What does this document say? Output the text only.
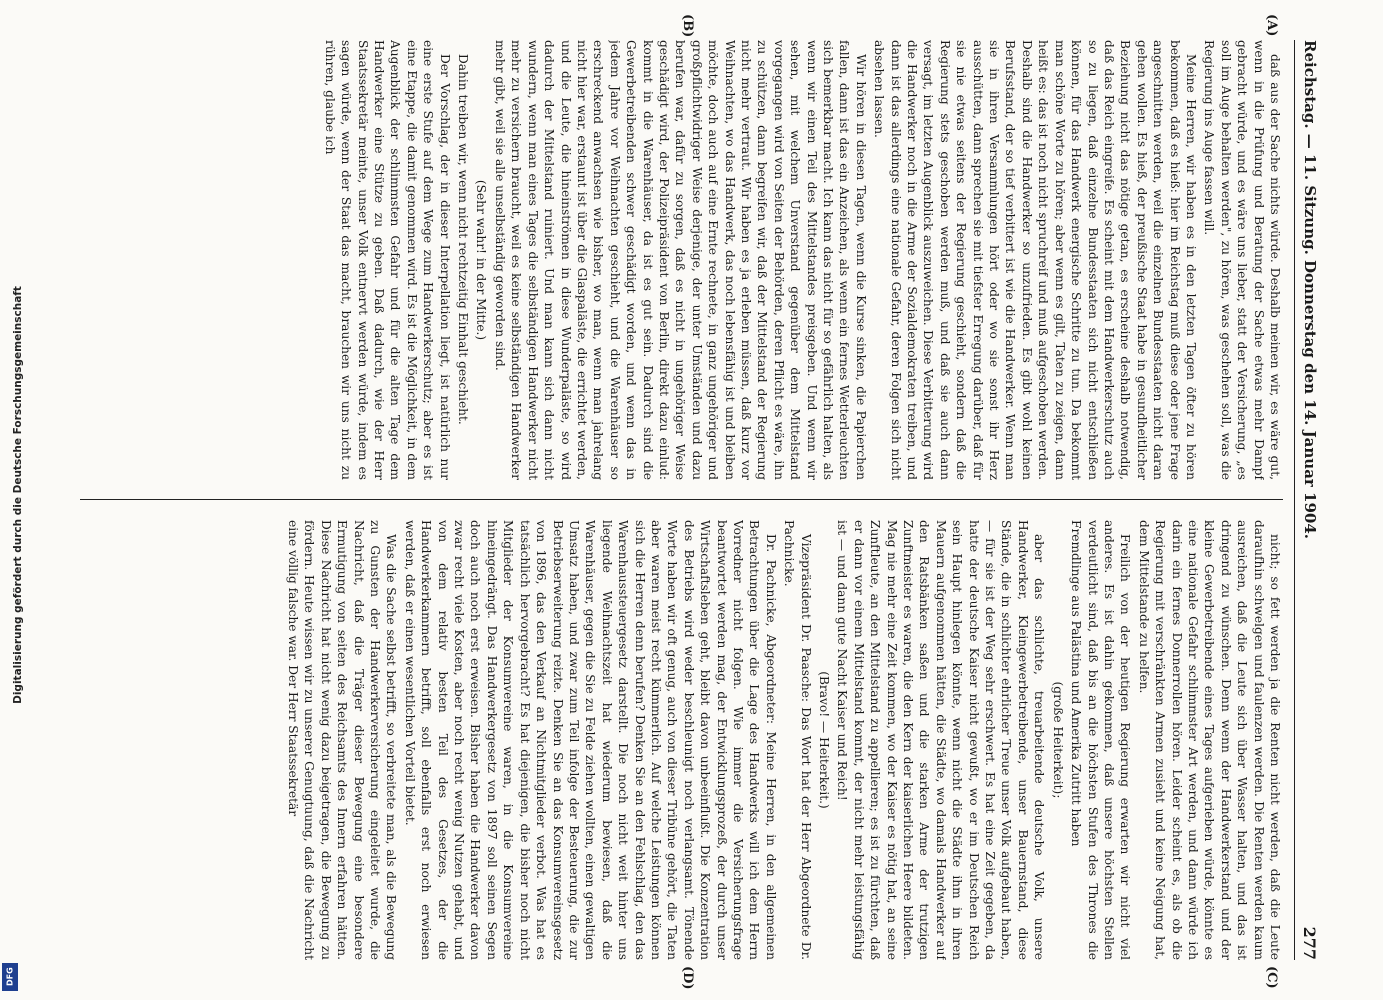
Digitalisierung gefördert durch die Deutsche Forschungsgemeinschaft
DFG
Reichstag. — 11. Sitzung. Donnerstag den 14. Januar 1904.
277
(A)
(B)
(C)
(D)

daß aus der Sache nichts würde. Deshalb meinen wir, es wäre gut, wenn in die Prüfung und Beratung der Sache etwas mehr Dampf gebracht würde, und es wäre uns lieber, statt der Versicherung, „es soll im Auge behalten werden", zu hören, was geschehen soll, was die Regierung ins Auge fassen will.

Meine Herren, wir haben es in den letzten Tagen öfter zu hören bekommen, daß es hieß: hier im Reichstag muß diese oder jene Frage angeschnitten werden, weil die einzelnen Bundesstaaten nicht daran gehen wollen. Es hieß, der preußische Staat habe in gesundheitlicher Beziehung nicht das nötige getan, es erscheine deshalb notwendig, daß das Reich eingreife. Es scheint mit dem Handwerkerschutz auch so zu liegen, daß einzelne Bundesstaaten sich nicht entschließen können, für das Handwerk energische Schritte zu tun. Da bekommt man schöne Worte zu hören; aber wenn es gilt, Taten zu zeigen, dann heißt es: das ist noch nicht spruchreif und muß aufgeschoben werden. Deshalb sind die Handwerker so unzufrieden. Es gibt wohl keinen Berufsstand, der so tief verbittert ist wie die Handwerker. Wenn man sie in ihren Versammlungen hört oder wo sie sonst ihr Herz ausschütten, dann sprechen sie mit tiefster Erregung darüber, daß für sie nie etwas seitens der Regierung geschieht, sondern daß die Regierung stets geschoben werden muß, und daß sie auch dann versagt, im letzten Augenblick auszuweichen. Diese Verbitterung wird die Handwerker noch in die Arme der Sozialdemokraten treiben, und dann ist das allerdings eine nationale Gefahr, deren Folgen sich nicht absehen lassen.

Wir hören in diesen Tagen, wenn die Kurse sinken, die Papierchen fallen, dann ist das ein Anzeichen, als wenn ein fernes Wetterleuchten sich bemerkbar macht. Ich kann das nicht für so gefährlich halten, als wenn wir einen Teil des Mittelstandes preisgeben. Und wenn wir sehen, mit welchem Unverstand gegenüber dem Mittelstand vorgegangen wird von Seiten der Behörden, deren Pflicht es wäre, ihn zu schützen, dann begreifen wir, daß der Mittelstand der Regierung nicht mehr vertraut. Wir haben es ja erleben müssen, daß kurz vor Weihnachten, wo das Handwerk, das noch lebensfähig ist und bleiben möchte, doch auch auf eine Ernte rechnete, in ganz ungehöriger und großpflichtwidriger Weise derjenige, der unter Umständen und dazu berufen war, dafür zu sorgen, daß es nicht in ungehöriger Weise geschädigt wird, der Polizeipräsident von Berlin, direkt dazu einlud: kommt in die Warenhäuser, da ist es gut sein. Dadurch sind die Gewerbetreibenden schwer geschädigt worden, und wenn das in jedem Jahre vor Weihnachten geschieht, und die Warenhäuser so erschreckend anwachsen wie bisher, wo man, wenn man jahrelang nicht hier war, erstaunt ist über die Glaspaläste, die errichtet werden, und die Leute, die hineinströmen in diese Wunderpaläste, so wird dadurch der Mittelstand ruiniert. Und man kann sich dann nicht wundern, wenn man eines Tages die selbständigen Handwerker nicht mehr zu versichern braucht, weil es keine selbständigen Handwerker mehr gibt, weil sie alle unselbständig geworden sind.

(Sehr wahr! in der Mitte.)

Dahin treiben wir, wenn nicht rechtzeitig Einhalt geschieht.

Der Vorschlag, der in dieser Interpellation liegt, ist natürlich nur eine erste Stufe auf dem Wege zum Handwerkerschutz; aber es ist eine Etappe, die damit genommen wird. Es ist die Möglichkeit, in dem Augenblick der schlimmsten Gefahr und für die alten Tage dem Handwerker eine Stütze zu geben. Daß dadurch, wie der Herr Staatssekretär meinte, unser Volk entnervt werden würde, indem es sagen würde, wenn der Staat das macht, brauchen wir uns nicht zu rühren, glaube ich

nicht; so fett werden ja die Renten nicht werden, daß die Leute daraufhin schwelgen und faulenzen werden. Die Renten werden kaum ausreichen, daß die Leute sich über Wasser halten, und das ist dringend zu wünschen. Denn wenn der Handwerkerstand und der kleine Gewerbetreibende eines Tages aufgerieben würde, könnte es eine nationale Gefahr schlimmster Art werden, und dann würde ich darin ein fernes Donnerrollen hören. Leider scheint es, als ob die Regierung mit verschränkten Armen zusieht und keine Neigung hat, dem Mittelstande zu helfen.

Freilich von der heutigen Regierung erwarten wir nicht viel anderes. Es ist dahin gekommen, daß unsere höchsten Stellen verdeutlicht sind, daß bis an die höchsten Stufen des Thrones die Fremdlinge aus Palästina und Amerika Zutritt haben

(große Heiterkeit);

aber das schlichte, treuarbeitende deutsche Volk, unsere Handwerker, Kleingewerbetreibende, unser Bauernstand, diese Stände, die in schlichter ehrlicher Treue unser Volk aufgebaut haben, — für sie ist der Weg sehr erschwert. Es hat eine Zeit gegeben, da hatte der deutsche Kaiser nicht gewußt, wo er im Deutschen Reich sein Haupt hinlegen könnte, wenn nicht die Städte ihm in ihren Mauern aufgenommen hätten, die Städte, wo damals Handwerker auf den Ratsbänken saßen und die starken Arme der trutzigen Zunftmeister es waren, die den Kern der kaiserlichen Heere bildeten. Mag nie mehr eine Zeit kommen, wo der Kaiser es nötig hat, an seine Zunftleute, an den Mittelstand zu appellieren; es ist zu fürchten, daß er dann vor einem Mittelstand kommt, der nicht mehr leistungsfähig ist — und dann gute Nacht Kaiser und Reich!

(Bravo! — Heiterkeit.)

Vizepräsident Dr. Paasche: Das Wort hat der Herr Abgeordnete Dr. Pachnicke.

Dr. Pachnicke, Abgeordneter: Meine Herren, in den allgemeinen Betrachtungen über die Lage des Handwerks will ich dem Herrn Vorredner nicht folgen. Wie immer die Versicherungsfrage beantwortet werden mag, der Entwicklungsprozeß, der durch unser Wirtschaftsleben geht, bleibt davon unbeeinflußt. Die Konzentration des Betriebs wird weder beschleunigt noch verlangsamt. Tönende Worte haben wir oft genug, auch von dieser Tribüne gehört, die Taten aber waren meist recht kümmerlich. Auf welche Leistungen können sich die Herren denn berufen? Denken Sie an den Fehlschlag, den das Warenhaussteuergesetz darstellt. Die noch nicht weit hinter uns liegende Weihnachtszeit hat wiederum bewiesen, daß die Warenhäuser, gegen die Sie zu Felde ziehen wollten, einen gewaltigen Umsatz haben, und zwar zum Teil infolge der Besteuerung, die zur Betriebserweiterung reizte. Denken Sie an das Konsumvereinsgesetz von 1896, das den Verkauf an Nichtmitglieder verbot. Was hat es tatsächlich hervorgebracht? Es hat diejenigen, die bisher noch nicht Mitglieder der Konsumvereine waren, in die Konsumvereine hineingedrängt. Das Handwerkergesetz von 1897 soll seinen Segen doch auch noch erst erweisen. Bisher haben die Handwerker davon zwar recht viele Kosten, aber noch recht wenig Nutzen gehabt, und von dem relativ besten Teil des Gesetzes, der die Handwerkerkammern betrifft, soll ebenfalls erst noch erwiesen werden, daß er einen wesentlichen Vorteil bietet.

Was die Sache selbst betrifft, so verbreitete man, als die Bewegung zu Gunsten der Handwerkerversicherung eingeleitet wurde, die Nachricht, daß die Träger dieser Bewegung eine besondere Ermutigung von seiten des Reichsamts des Innern erfahren hätten. Diese Nachricht hat nicht wenig dazu beigetragen, die Bewegung zu fördern. Heute wissen wir zu unserer Genugtuung, daß die Nachricht eine völlig falsche war. Der Herr Staatssekretär
